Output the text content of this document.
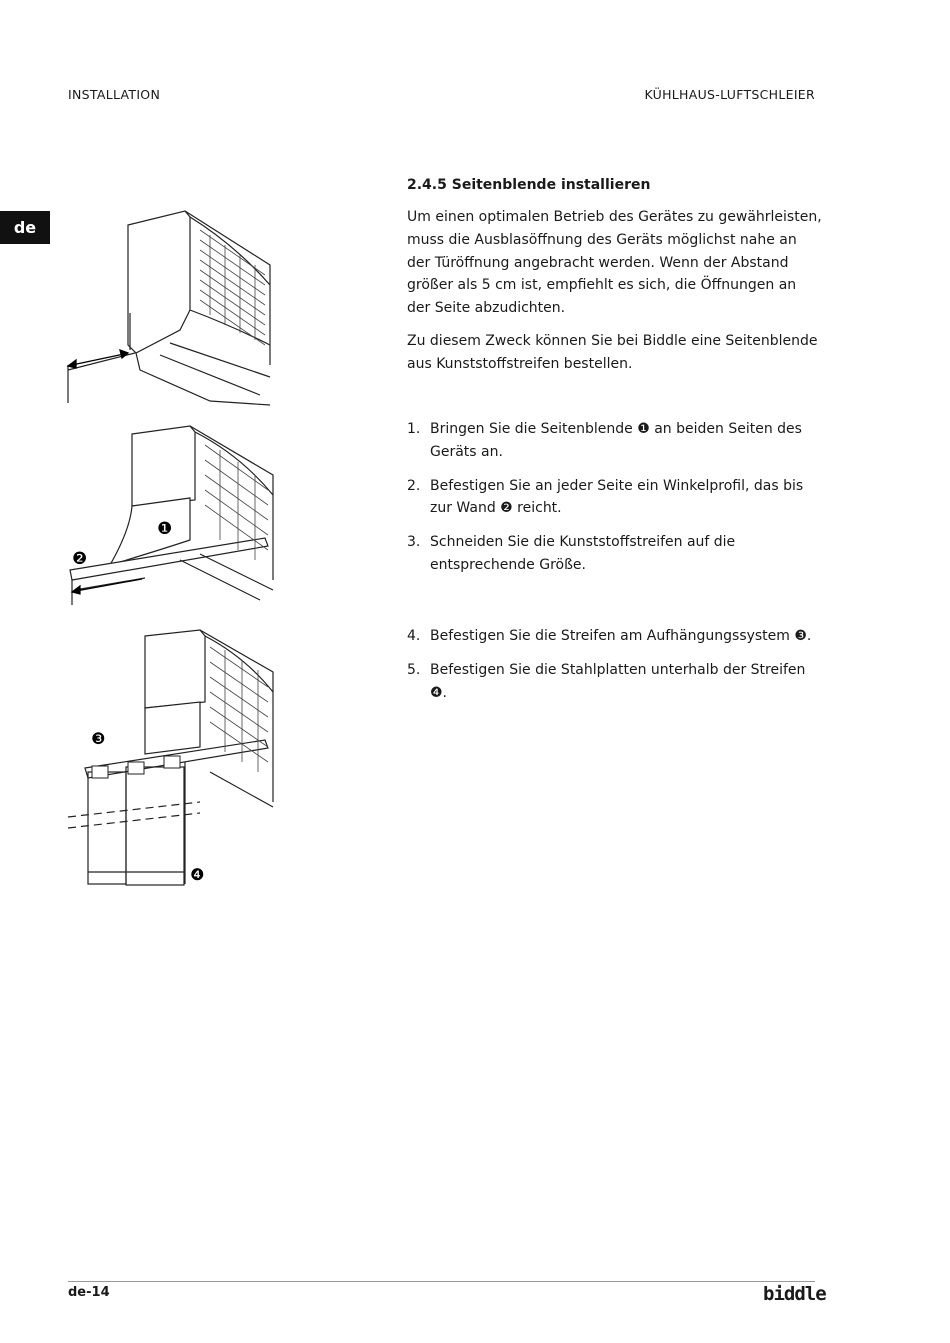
INSTALLATION	KÜHLHAUS-LUFTSCHLEIER
de
❶
❷
❸
❹
2.4.5 Seitenblende installieren

Um einen optimalen Betrieb des Gerätes zu gewährleisten, muss die Ausblasöffnung des Geräts möglichst nahe an der Türöffnung angebracht werden. Wenn der Abstand größer als 5 cm ist, empfiehlt es sich, die Öffnungen an der Seite abzudichten.

Zu diesem Zweck können Sie bei Biddle eine Seitenblende aus Kunststoffstreifen bestellen.

1. Bringen Sie die Seitenblende ❶ an beiden Seiten des Geräts an.
2. Befestigen Sie an jeder Seite ein Winkelprofil, das bis zur Wand ❷ reicht.
3. Schneiden Sie die Kunststoffstreifen auf die entsprechende Größe.
4. Befestigen Sie die Streifen am Aufhängungssystem ❸.
5. Befestigen Sie die Stahlplatten unterhalb der Streifen ❹.
de-14	biddle
